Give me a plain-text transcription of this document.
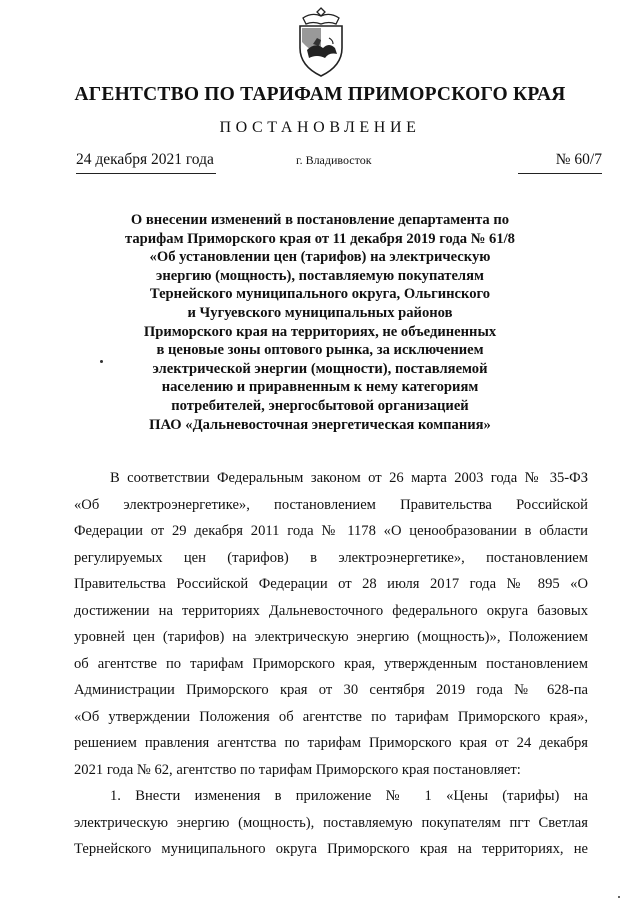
АГЕНТСТВО ПО ТАРИФАМ ПРИМОРСКОГО КРАЯ
ПОСТАНОВЛЕНИЕ
24 декабря 2021 года	г. Владивосток	№ 60/7
О внесении изменений в постановление департамента по
тарифам Приморского края от 11 декабря 2019 года № 61/8
«Об установлении цен (тарифов) на электрическую
энергию (мощность), поставляемую покупателям
Тернейского муниципального округа, Ольгинского
и Чугуевского муниципальных районов
Приморского края на территориях, не объединенных
в ценовые зоны оптового рынка, за исключением
электрической энергии (мощности), поставляемой
населению и приравненным к нему категориям
потребителей, энергосбытовой организацией
ПАО «Дальневосточная энергетическая компания»
В соответствии Федеральным законом от 26 марта 2003 года № 35-ФЗ
«Об электроэнергетике», постановлением Правительства Российской
Федерации от 29 декабря 2011 года № 1178 «О ценообразовании в области
регулируемых цен (тарифов) в электроэнергетике», постановлением
Правительства Российской Федерации от 28 июля 2017 года № 895 «О
достижении на территориях Дальневосточного федерального округа базовых
уровней цен (тарифов) на электрическую энергию (мощность)», Положением
об агентстве по тарифам Приморского края, утвержденным постановлением
Администрации Приморского края от 30 сентября 2019 года № 628-па
«Об утверждении Положения об агентстве по тарифам Приморского края»,
решением правления агентства по тарифам Приморского края от 24 декабря
2021 года № 62, агентство по тарифам Приморского края постановляет:
1. Внести изменения в приложение № 1 «Цены (тарифы) на
электрическую энергию (мощность), поставляемую покупателям пгт Светлая
Тернейского муниципального округа Приморского края на территориях, не
